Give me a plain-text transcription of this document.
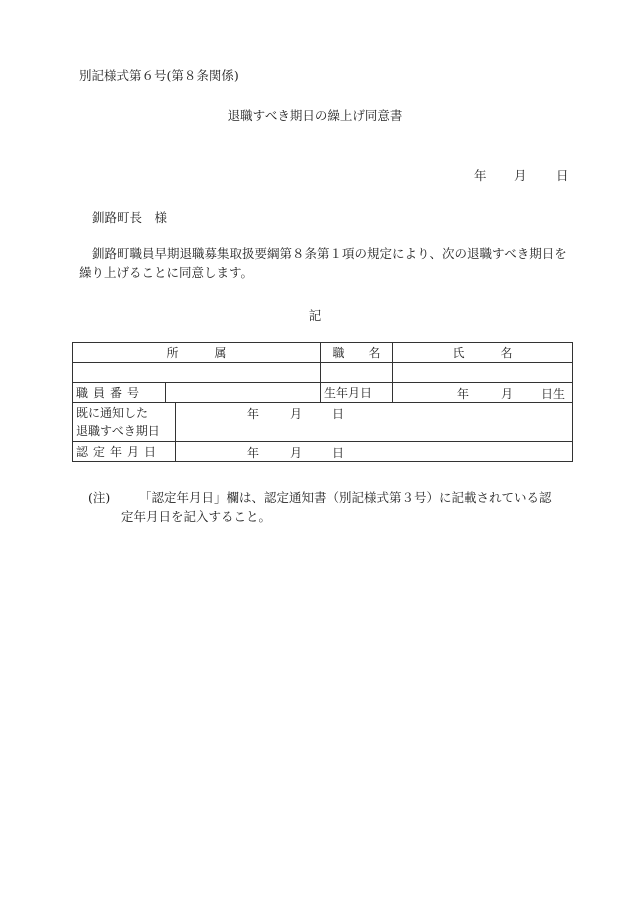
別記様式第６号(第８条関係)
退職すべき期日の繰上げ同意書
年 月 日
釧路町長　様
釧路町職員早期退職募集取扱要綱第８条第１項の規定により、次の退職すべき期日を繰り上げることに同意します。
記
所　　　属			職　　名	氏　　　名

職員番号			生年月日	年 月 日生

既に通知した
退職すべき期日		年 月 日		

認定年月日		年 月 日		
(注) 「認定年月日」欄は、認定通知書（別記様式第３号）に記載されている認
定年月日を記入すること。
